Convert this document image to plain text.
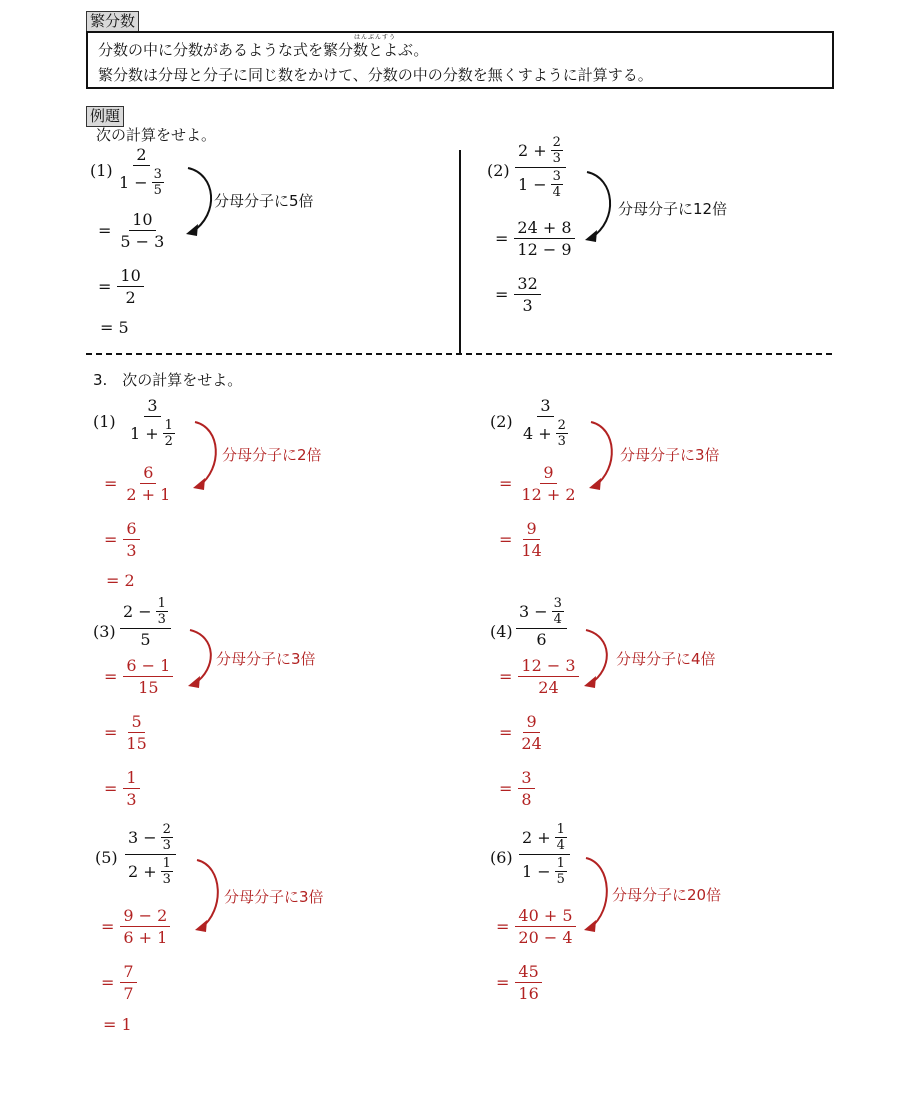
繁分数
はんぶんすう
分数の中に分数があるような式を繁分数とよぶ。
繁分数は分母と分子に同じ数をかけて、分数の中の分数を無くすように計算する。
例題
次の計算をせよ。
$(1) \frac{2}{1 - \frac{3}{5}}$
分母分子に5倍
= $\frac{10}{5 - 3}$
= $\frac{10}{2}$
= 5
$(2) \frac{2 + \frac{2}{3}}{1 - \frac{3}{4}}$
分母分子に12倍
= $\frac{24 + 8}{12 - 9}$
= $\frac{32}{3}$
3.　次の計算をせよ。
$(1) \frac{3}{1 + \frac{1}{2}}$
分母分子に2倍
= $\frac{6}{2 + 1}$
= $\frac{6}{3}$
= 2
$(2) \frac{3}{4 + \frac{2}{3}}$
分母分子に3倍
= $\frac{9}{12 + 2}$
= $\frac{9}{14}$
$(3) \frac{2 - \frac{1}{3}}{5}$
分母分子に3倍
= $\frac{6 - 1}{15}$
= $\frac{5}{15}$
= $\frac{1}{3}$
$(4) \frac{3 - \frac{3}{4}}{6}$
分母分子に4倍
= $\frac{12 - 3}{24}$
= $\frac{9}{24}$
= $\frac{3}{8}$
$(5) \frac{3 - \frac{2}{3}}{2 + \frac{1}{3}}$
分母分子に3倍
= $\frac{9 - 2}{6 + 1}$
= $\frac{7}{7}$
= 1
$(6) \frac{2 + \frac{1}{4}}{1 - \frac{1}{5}}$
分母分子に20倍
= $\frac{40 + 5}{20 - 4}$
= $\frac{45}{16}$
